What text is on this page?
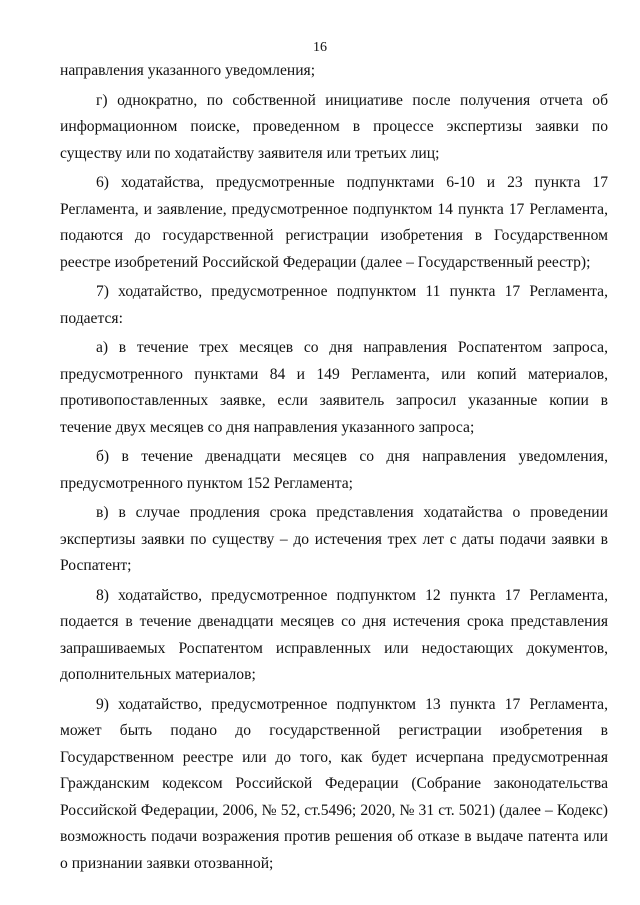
16

направления указанного уведомления;

г) однократно, по собственной инициативе после получения отчета об информационном поиске, проведенном в процессе экспертизы заявки по существу или по ходатайству заявителя или третьих лиц;

6) ходатайства, предусмотренные подпунктами 6-10 и 23 пункта 17 Регламента, и заявление, предусмотренное подпунктом 14 пункта 17 Регламента, подаются до государственной регистрации изобретения в Государственном реестре изобретений Российской Федерации (далее – Государственный реестр);

7) ходатайство, предусмотренное подпунктом 11 пункта 17 Регламента, подается:

а) в течение трех месяцев со дня направления Роспатентом запроса, предусмотренного пунктами 84 и 149 Регламента, или копий материалов, противопоставленных заявке, если заявитель запросил указанные копии в течение двух месяцев со дня направления указанного запроса;

б) в течение двенадцати месяцев со дня направления уведомления, предусмотренного пунктом 152 Регламента;

в) в случае продления срока представления ходатайства о проведении экспертизы заявки по существу – до истечения трех лет с даты подачи заявки в Роспатент;

8) ходатайство, предусмотренное подпунктом 12 пункта 17 Регламента, подается в течение двенадцати месяцев со дня истечения срока представления запрашиваемых Роспатентом исправленных или недостающих документов, дополнительных материалов;

9) ходатайство, предусмотренное подпунктом 13 пункта 17 Регламента, может быть подано до государственной регистрации изобретения в Государственном реестре или до того, как будет исчерпана предусмотренная Гражданским кодексом Российской Федерации (Собрание законодательства Российской Федерации, 2006, № 52, ст.5496; 2020, № 31 ст. 5021) (далее – Кодекс) возможность подачи возражения против решения об отказе в выдаче патента или о признании заявки отозванной;
